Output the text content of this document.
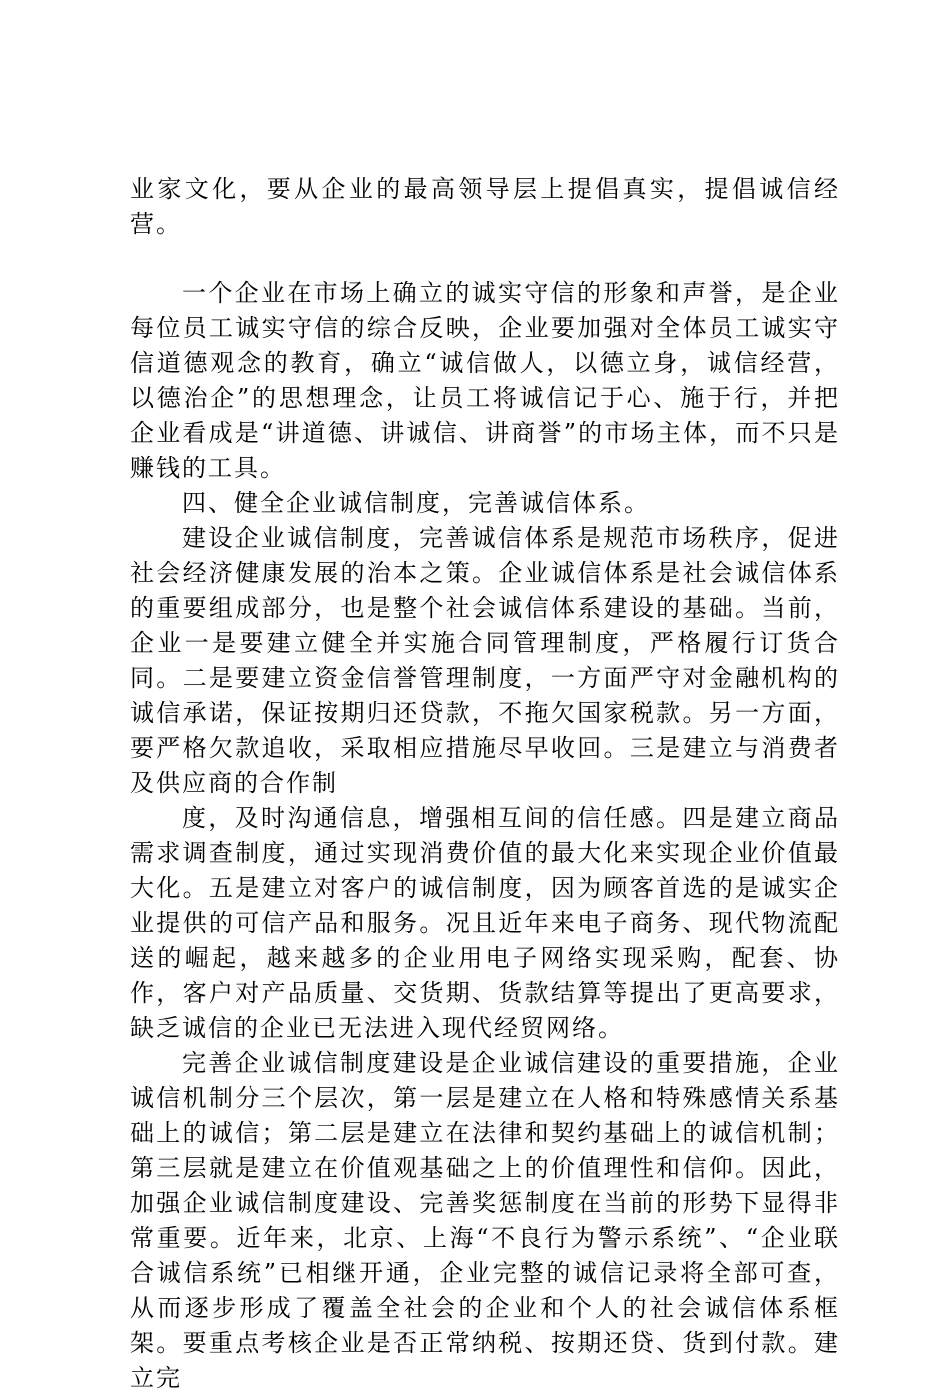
业家文化，要从企业的最高领导层上提倡真实，提倡诚信经营。

一个企业在市场上确立的诚实守信的形象和声誉，是企业每位员工诚实守信的综合反映，企业要加强对全体员工诚实守信道德观念的教育，确立“诚信做人，以德立身，诚信经营，以德治企”的思想理念，让员工将诚信记于心、施于行，并把企业看成是“讲道德、讲诚信、讲商誉”的市场主体，而不只是赚钱的工具。

四、健全企业诚信制度，完善诚信体系。

建设企业诚信制度，完善诚信体系是规范市场秩序，促进社会经济健康发展的治本之策。企业诚信体系是社会诚信体系的重要组成部分，也是整个社会诚信体系建设的基础。当前，企业一是要建立健全并实施合同管理制度，严格履行订货合同。二是要建立资金信誉管理制度，一方面严守对金融机构的诚信承诺，保证按期归还贷款，不拖欠国家税款。另一方面，要严格欠款追收，采取相应措施尽早收回。三是建立与消费者及供应商的合作制

度，及时沟通信息，增强相互间的信任感。四是建立商品需求调查制度，通过实现消费价值的最大化来实现企业价值最大化。五是建立对客户的诚信制度，因为顾客首选的是诚实企业提供的可信产品和服务。况且近年来电子商务、现代物流配送的崛起，越来越多的企业用电子网络实现采购，配套、协作，客户对产品质量、交货期、货款结算等提出了更高要求，缺乏诚信的企业已无法进入现代经贸网络。

完善企业诚信制度建设是企业诚信建设的重要措施，企业诚信机制分三个层次，第一层是建立在人格和特殊感情关系基础上的诚信；第二层是建立在法律和契约基础上的诚信机制；第三层就是建立在价值观基础之上的价值理性和信仰。因此，加强企业诚信制度建设、完善奖惩制度在当前的形势下显得非常重要。近年来，北京、上海“不良行为警示系统”、“企业联合诚信系统”已相继开通，企业完整的诚信记录将全部可查，从而逐步形成了覆盖全社会的企业和个人的社会诚信体系框架。要重点考核企业是否正常纳税、按期还贷、货到付款。建立完
